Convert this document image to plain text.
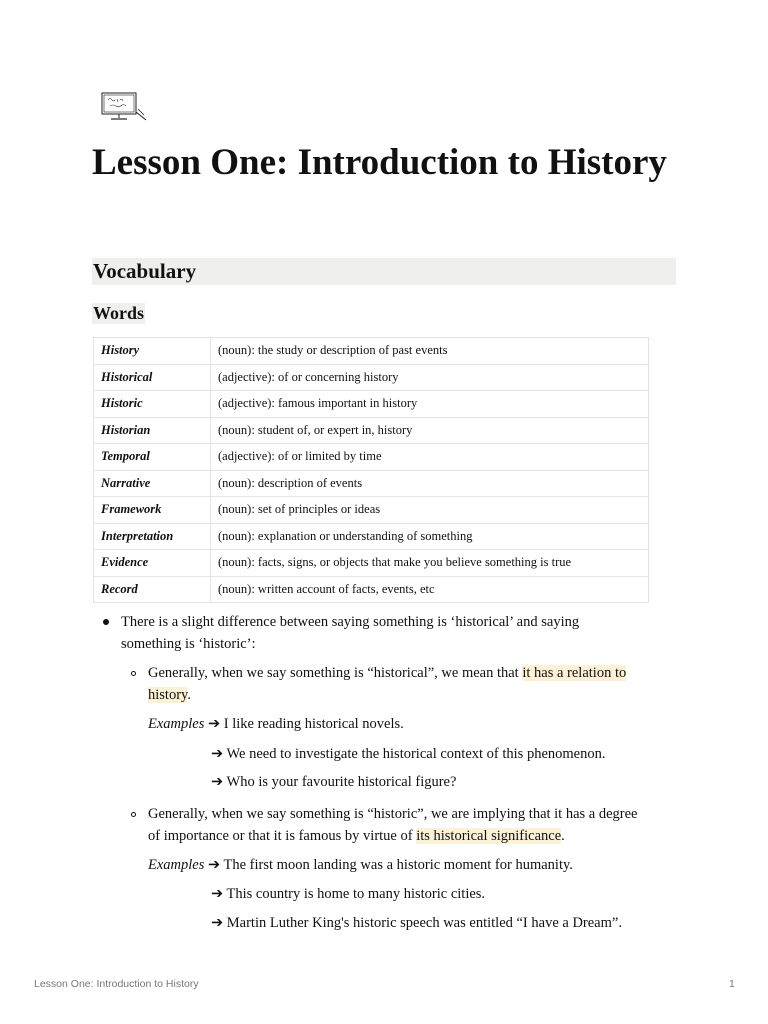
Lesson One: Introduction to History
Vocabulary
Words
History	(noun): the study or description of past events
Historical	(adjective): of or concerning history
Historic	(adjective): famous important in history
Historian	(noun): student of, or expert in, history
Temporal	(adjective): of or limited by time
Narrative	(noun): description of events
Framework	(noun): set of principles or ideas
Interpretation	(noun): explanation or understanding of something
Evidence	(noun): facts, signs, or objects that make you believe something is true
Record	(noun): written account of facts, events, etc
There is a slight difference between saying something is ‘historical’ and saying
something is ‘historic’:
Generally, when we say something is “historical”, we mean that it has a relation to
history.
Examples ➔ I like reading historical novels.
➔ We need to investigate the historical context of this phenomenon.
➔ Who is your favourite historical figure?
Generally, when we say something is “historic”, we are implying that it has a degree
of importance or that it is famous by virtue of its historical significance.
Examples ➔ The first moon landing was a historic moment for humanity.
➔ This country is home to many historic cities.
➔ Martin Luther King's historic speech was entitled “I have a Dream”.
Lesson One: Introduction to History	1
